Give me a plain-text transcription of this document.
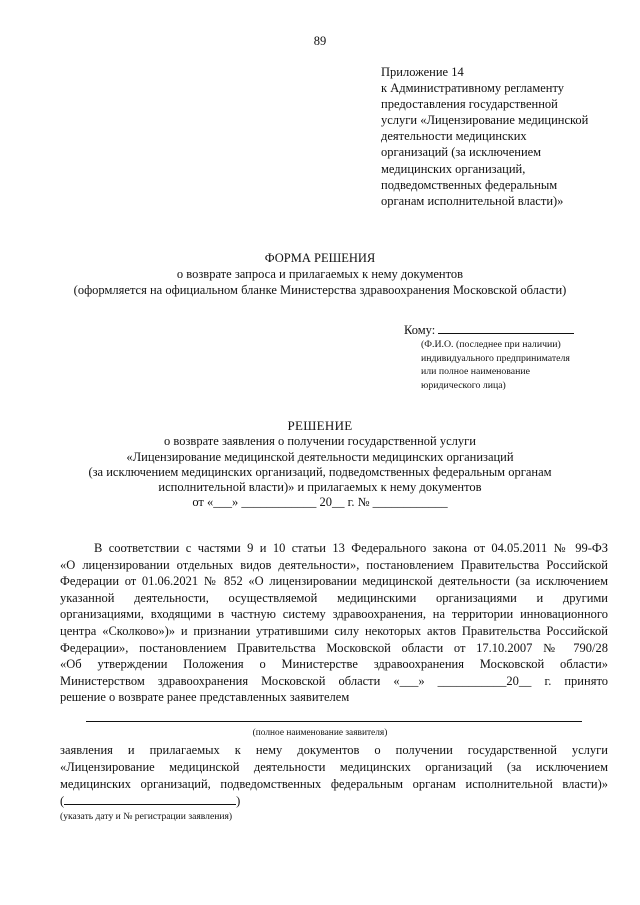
89
Приложение 14
к Административному регламенту
предоставления государственной
услуги «Лицензирование медицинской
деятельности медицинских
организаций (за исключением
медицинских организаций,
подведомственных федеральным
органам исполнительной власти)»
ФОРМА РЕШЕНИЯ
о возврате запроса и прилагаемых к нему документов
(оформляется на официальном бланке Министерства здравоохранения Московской области)
Кому:
(Ф.И.О. (последнее при наличии)
индивидуального предпринимателя
или полное наименование
юридического лица)
РЕШЕНИЕ
о возврате заявления о получении государственной услуги
«Лицензирование медицинской деятельности медицинских организаций
(за исключением медицинских организаций, подведомственных федеральным органам
исполнительной власти)» и прилагаемых к нему документов
от «___» ____________ 20__ г. № ____________
В соответствии с частями 9 и 10 статьи 13 Федерального закона от 04.05.2011 № 99-ФЗ
«О лицензировании отдельных видов деятельности», постановлением Правительства Российской
Федерации от 01.06.2021 № 852 «О лицензировании медицинской деятельности (за исключением
указанной деятельности, осуществляемой медицинскими организациями и другими
организациями, входящими в частную систему здравоохранения, на территории инновационного
центра «Сколково»)» и признании утратившими силу некоторых актов Правительства Российской
Федерации», постановлением Правительства Московской области от 17.10.2007 № 790/28
«Об утверждении Положения о Министерстве здравоохранения Московской области»
Министерством здравоохранения Московской области «___» ___________20__ г. принято
решение о возврате ранее представленных заявителем
(полное наименование заявителя)
заявления и прилагаемых к нему документов о получении государственной услуги
«Лицензирование медицинской деятельности медицинских организаций (за исключением
медицинских организаций, подведомственных федеральным органам исполнительной власти)»
(	)
(указать дату и № регистрации заявления)
